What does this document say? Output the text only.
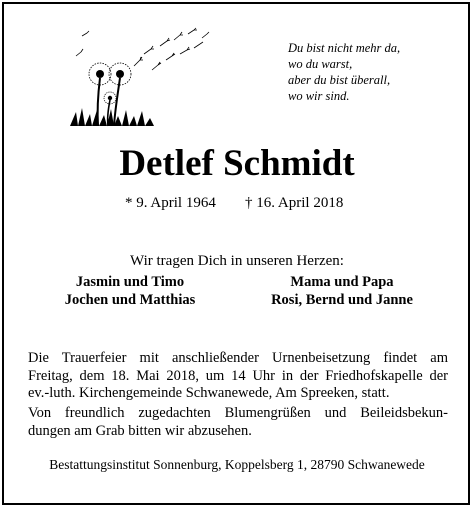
Du bist nicht mehr da,
wo du warst,
aber du bist überall,
wo wir sind.
Detlef Schmidt
* 9. April 1964 † 16. April 2018
Wir tragen Dich in unseren Herzen:
Jasmin und Timo
Jochen und Matthias
Mama und Papa
Rosi, Bernd und Janne
Die Trauerfeier mit anschließender Urnenbeisetzung findet am
Freitag, dem 18. Mai 2018, um 14 Uhr in der Friedhofskapelle der
ev.-luth. Kirchengemeinde Schwanewede, Am Spreeken, statt.
Von freundlich zugedachten Blumengrüßen und Beileidsbekun-
dungen am Grab bitten wir abzusehen.
Bestattungsinstitut Sonnenburg, Koppelsberg 1, 28790 Schwanewede
